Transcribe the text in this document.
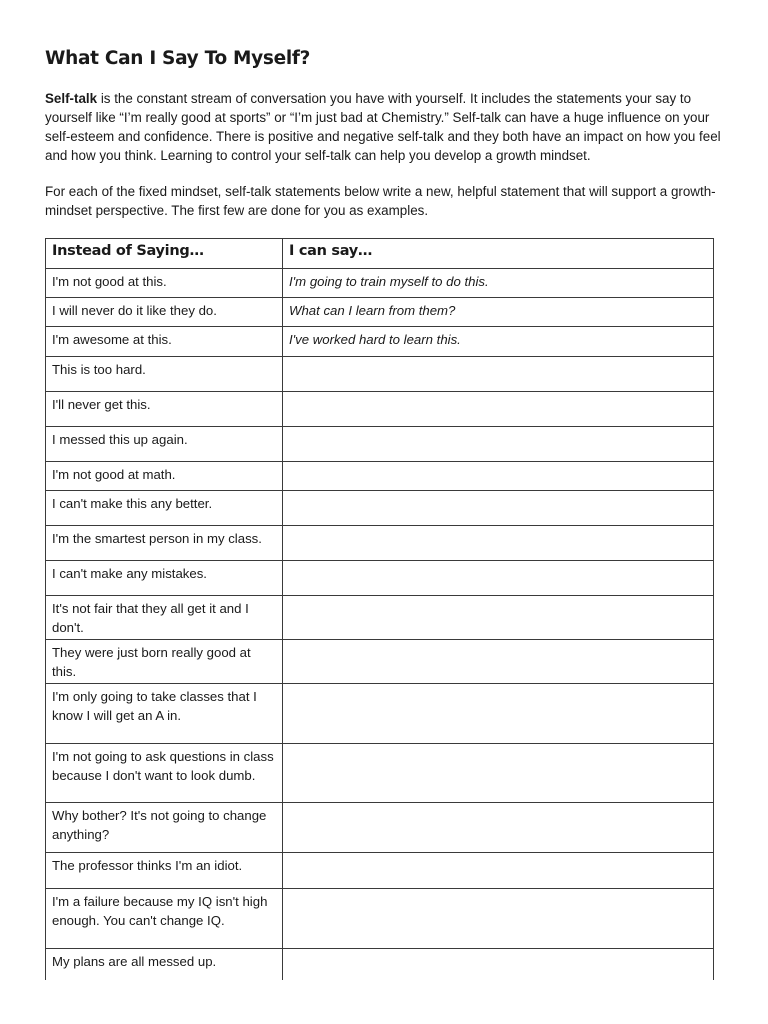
What Can I Say To Myself?

Self-talk is the constant stream of conversation you have with yourself. It includes the statements your say to yourself like “I’m really good at sports” or “I’m just bad at Chemistry.” Self-talk can have a huge influence on your self-esteem and confidence. There is positive and negative self-talk and they both have an impact on how you feel and how you think. Learning to control your self-talk can help you develop a growth mindset.

For each of the fixed mindset, self-talk statements below write a new, helpful statement that will support a growth-mindset perspective. The first few are done for you as examples.

Instead of Saying…	I can say…
I'm not good at this.	I'm going to train myself to do this.
I will never do it like they do.	What can I learn from them?
I'm awesome at this.	I've worked hard to learn this.
This is too hard.	
I'll never get this.	
I messed this up again.	
I'm not good at math.	
I can't make this any better.	
I'm the smartest person in my class.	
I can't make any mistakes.	
It's not fair that they all get it and I don't.	
They were just born really good at this.	
I'm only going to take classes that I know I will get an A in.	
I'm not going to ask questions in class because I don't want to look dumb.	
Why bother? It's not going to change anything?	
The professor thinks I'm an idiot.	
I'm a failure because my IQ isn't high enough. You can't change IQ.	
My plans are all messed up.	
